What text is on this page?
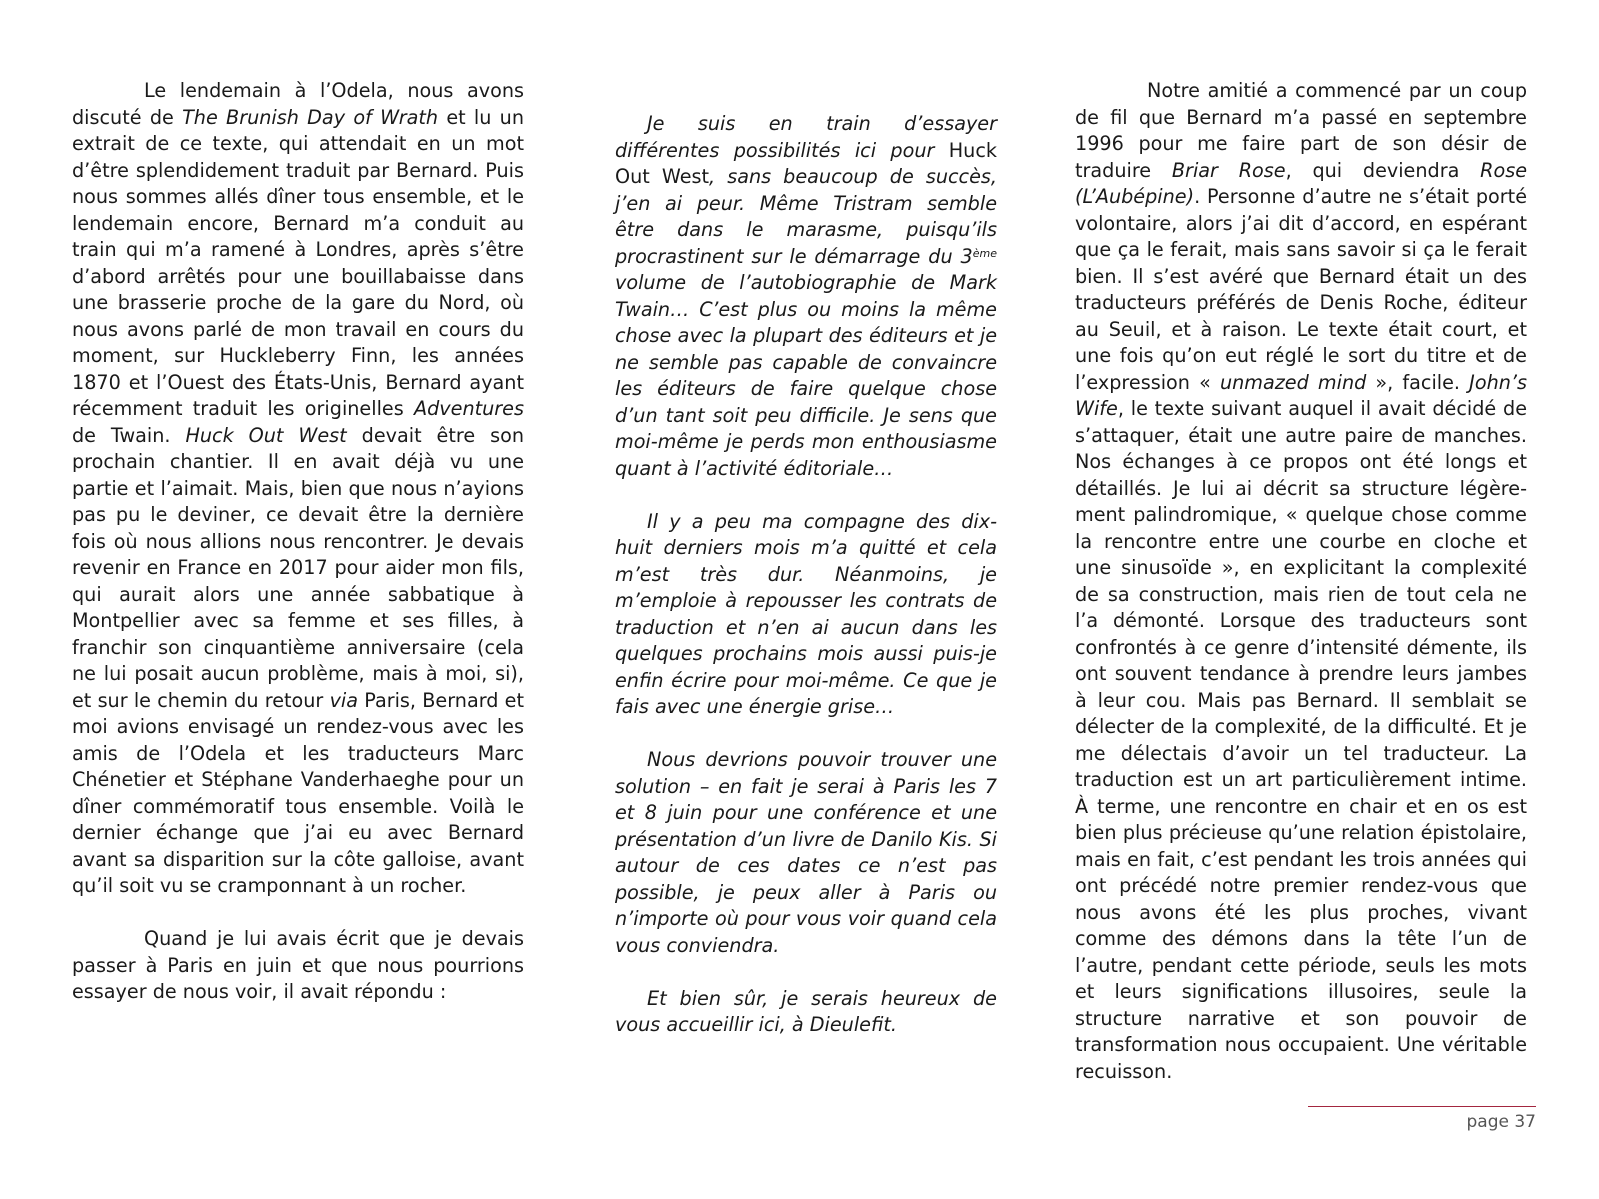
Le lendemain à l’Odela, nous avons discuté de The Brunish Day of Wrath et lu un extrait de ce texte, qui attendait en un mot d’être splendidement traduit par Bernard. Puis nous sommes allés dîner tous ensemble, et le lendemain encore, Bernard m’a conduit au train qui m’a ramené à Londres, après s’être d’abord arrêtés pour une bouillabaisse dans une brasserie proche de la gare du Nord, où nous avons parlé de mon travail en cours du moment, sur Huckleberry Finn, les années 1870 et l’Ouest des États-Unis, Bernard ayant récemment traduit les originelles Adventures de Twain. Huck Out West devait être son prochain chantier. Il en avait déjà vu une partie et l’aimait. Mais, bien que nous n’ayions pas pu le deviner, ce devait être la dernière fois où nous allions nous rencontrer. Je devais revenir en France en 2017 pour aider mon fils, qui aurait alors une année sabbatique à Montpellier avec sa femme et ses filles, à franchir son cinquantième anniversaire (cela ne lui posait aucun problème, mais à moi, si), et sur le chemin du retour via Paris, Bernard et moi avions envisagé un rendez-vous avec les amis de l’Odela et les traducteurs Marc Chénetier et Stéphane Vanderhaeghe pour un dîner commémoratif tous ensemble. Voilà le dernier échange que j’ai eu avec Bernard avant sa disparition sur la côte galloise, avant qu’il soit vu se cramponnant à un rocher.

Quand je lui avais écrit que je devais passer à Paris en juin et que nous pourrions essayer de nous voir, il avait répondu :

Je suis en train d’essayer différentes possibilités ici pour Huck Out West, sans beaucoup de succès, j’en ai peur. Même Tristram semble être dans le marasme, puisqu’ils procrastinent sur le démarrage du 3ème volume de l’autobiographie de Mark Twain… C’est plus ou moins la même chose avec la plupart des éditeurs et je ne semble pas capable de convaincre les éditeurs de faire quelque chose d’un tant soit peu difficile. Je sens que moi-même je perds mon enthousiasme quant à l’activité éditoriale…

Il y a peu ma compagne des dix-huit derniers mois m’a quitté et cela m’est très dur. Néanmoins, je m’emploie à repousser les contrats de traduction et n’en ai aucun dans les quelques prochains mois aussi puis-je enfin écrire pour moi-même. Ce que je fais avec une énergie grise…

Nous devrions pouvoir trouver une solution – en fait je serai à Paris les 7 et 8 juin pour une conférence et une présentation d’un livre de Danilo Kis. Si autour de ces dates ce n’est pas possible, je peux aller à Paris ou n’importe où pour vous voir quand cela vous conviendra.

Et bien sûr, je serais heureux de vous accueillir ici, à Dieulefit.

Notre amitié a commencé par un coup de fil que Bernard m’a passé en septembre 1996 pour me faire part de son désir de traduire Briar Rose, qui deviendra Rose (L’Aubépine). Personne d’autre ne s’était porté volontaire, alors j’ai dit d’accord, en espérant que ça le ferait, mais sans savoir si ça le ferait bien. Il s’est avéré que Bernard était un des traducteurs préférés de Denis Roche, éditeur au Seuil, et à raison. Le texte était court, et une fois qu’on eut réglé le sort du titre et de l’expression « unmazed mind », facile. John’s Wife, le texte suivant auquel il avait décidé de s’attaquer, était une autre paire de manches. Nos échanges à ce propos ont été longs et détaillés. Je lui ai décrit sa structure légèrement palindromique, « quelque chose comme la rencontre entre une courbe en cloche et une sinusoïde », en explicitant la complexité de sa construction, mais rien de tout cela ne l’a démonté. Lorsque des traducteurs sont confrontés à ce genre d’intensité démente, ils ont souvent tendance à prendre leurs jambes à leur cou. Mais pas Bernard. Il semblait se délecter de la complexité, de la difficulté. Et je me délectais d’avoir un tel traducteur. La traduction est un art particulièrement intime. À terme, une rencontre en chair et en os est bien plus précieuse qu’une relation épistolaire, mais en fait, c’est pendant les trois années qui ont précédé notre premier rendez-vous que nous avons été les plus proches, vivant comme des démons dans la tête l’un de l’autre, pendant cette période, seuls les mots et leurs significations illusoires, seule la structure narrative et son pouvoir de transformation nous occupaient. Une véritable recuisson.

page 37
